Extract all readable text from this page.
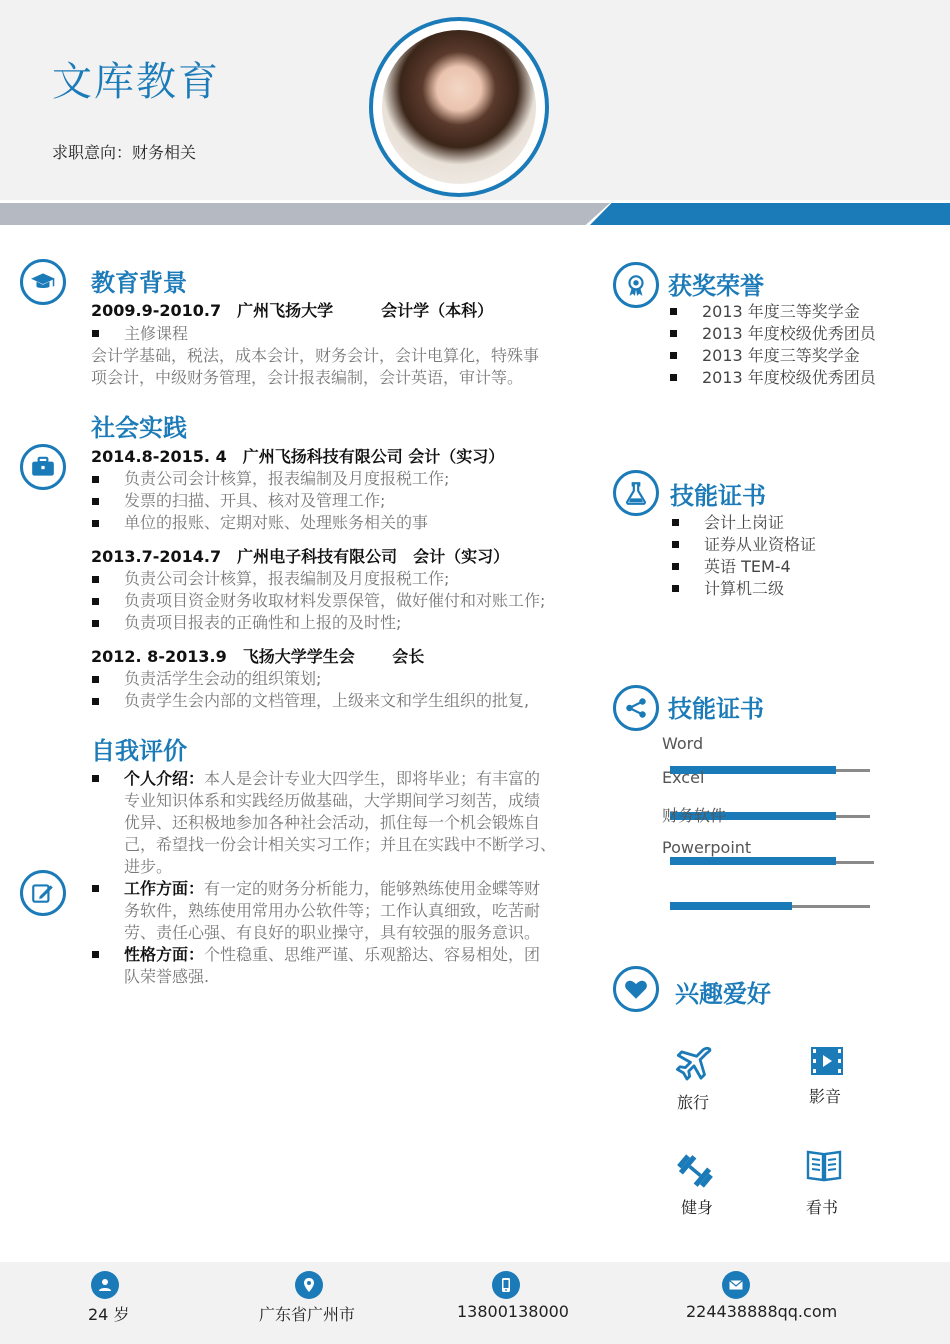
文库教育
求职意向：财务相关
教育背景
2009.9-2010.7　广州飞扬大学　　　会计学（本科）
主修课程
会计学基础，税法，成本会计，财务会计，会计电算化，特殊事
项会计，中级财务管理，会计报表编制，会计英语，审计等。
社会实践
2014.8-2015. 4　广州飞扬科技有限公司 会计（实习）
负责公司会计核算，报表编制及月度报税工作;
发票的扫描、开具、核对及管理工作;
单位的报账、定期对账、处理账务相关的事
2013.7-2014.7　广州电子科技有限公司　会计（实习）
负责公司会计核算，报表编制及月度报税工作;
负责项目资金财务收取材料发票保管，做好催付和对账工作;
负责项目报表的正确性和上报的及时性;
2012. 8-2013.9　飞扬大学学生会　　 会长
负责活学生会动的组织策划;
负责学生会内部的文档管理，上级来文和学生组织的批复,
自我评价
个人介绍：本人是会计专业大四学生，即将毕业；有丰富的
专业知识体系和实践经历做基础，大学期间学习刻苦，成绩
优异、还积极地参加各种社会活动，抓住每一个机会锻炼自
己，希望找一份会计相关实习工作；并且在实践中不断学习、
进步。
工作方面：有一定的财务分析能力，能够熟练使用金蝶等财
务软件，熟练使用常用办公软件等；工作认真细致，吃苦耐
劳、责任心强、有良好的职业操守，具有较强的服务意识。
性格方面：个性稳重、思维严谨、乐观豁达、容易相处，团
队荣誉感强.
获奖荣誉
2013 年度三等奖学金
2013 年度校级优秀团员
2013 年度三等奖学金
2013 年度校级优秀团员
技能证书
会计上岗证
证券从业资格证
英语 TEM-4
计算机二级
技能证书
Word
Excel
财务软件
Powerpoint
兴趣爱好
旅行	影音
健身	看书
24 岁	广东省广州市	13800138000	224438888qq.com
